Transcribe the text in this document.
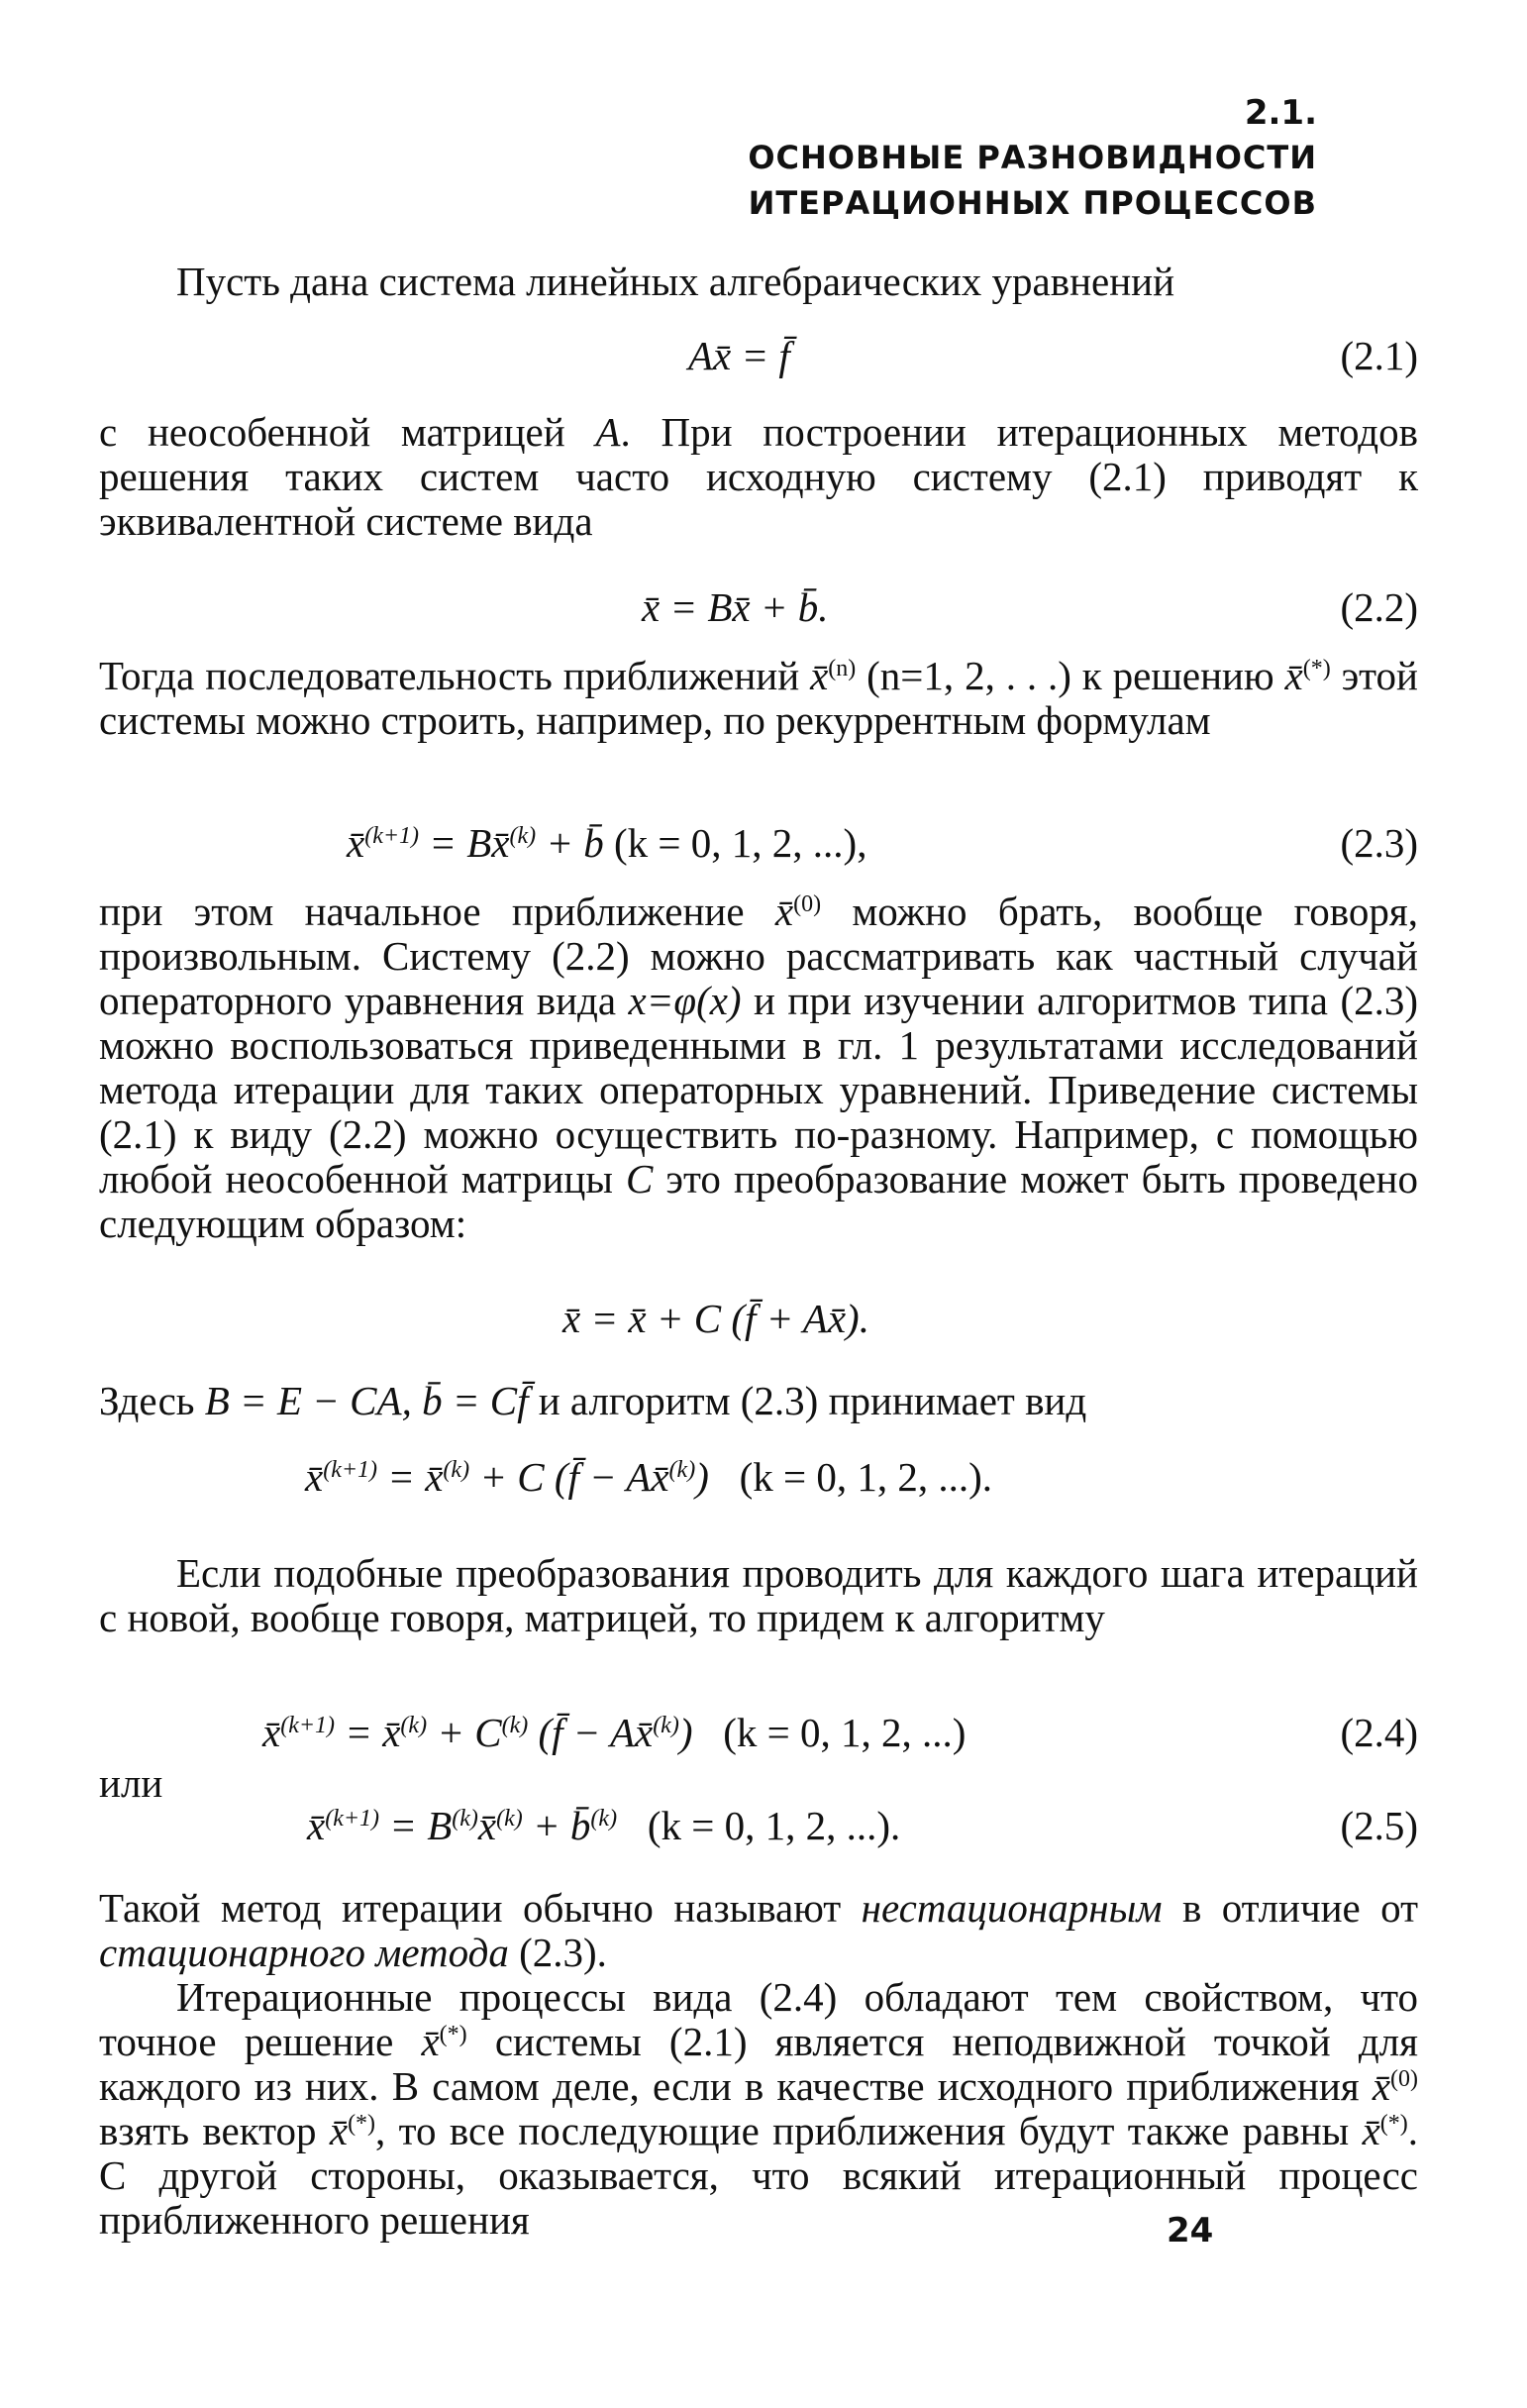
2.1.
ОСНОВНЫЕ РАЗНОВИДНОСТИ
ИТЕРАЦИОННЫХ ПРОЦЕССОВ
Пусть дана система линейных алгебраических уравнений
Ax̄ = f̄	(2.1)
с неособенной матрицей A. При построении итерационных методов решения таких систем часто исходную систему (2.1) приводят к эквивалентной системе вида
x̄ = Bx̄ + b̄.	(2.2)
Тогда последовательность приближений x̄$^{(n)}$ (n=1, 2, . . .) к решению x̄(*) этой системы можно строить, например, по рекуррентным формулам
x̄$^{(k+1)}$ = Bx̄$^{(k)}$ + b̄ (k = 0, 1, 2, ...),	(2.3)
при этом начальное приближение x̄$^{(0)}$ можно брать, вообще говоря, произвольным. Систему (2.2) можно рассматривать как частный случай операторного уравнения вида x=φ(x) и при изучении алгоритмов типа (2.3) можно воспользоваться приведенными в гл. 1 результатами исследований метода итерации для таких операторных уравнений. Приведение системы (2.1) к виду (2.2) можно осуществить по-разному. Например, с помощью любой неособенной матрицы C это преобразование может быть проведено следующим образом:
x̄ = x̄ + C (f̄ + Ax̄).
Здесь B = E − CA, b̄ = Cf̄ и алгоритм (2.3) принимает вид
x̄$^{(k+1)}$ = x̄$^{(k)}$ + C (f̄ − Ax̄$^{(k)}$) (k = 0, 1, 2, ...).
Если подобные преобразования проводить для каждого шага итераций с новой, вообще говоря, матрицей, то придем к алгоритму
x̄$^{(k+1)}$ = x̄$^{(k)}$ + $C^{(k)}$ (f̄ − Ax̄$^{(k)}$) (k = 0, 1, 2, ...)	(2.4)
или
x̄$^{(k+1)}$ = $B^{(k)}x̄^{(k)}$ + b̄$^{(k)}$ (k = 0, 1, 2, ...).	(2.5)
Такой метод итерации обычно называют нестационарным в отличие от стационарного метода (2.3).
Итерационные процессы вида (2.4) обладают тем свойством, что точное решение x̄(*) системы (2.1) является неподвижной точкой для каждого из них. В самом деле, если в качестве исходного приближения x̄$^{(0)}$ взять вектор x̄(*), то все последующие приближения будут также равны x̄(*). С другой стороны, оказывается, что всякий итерационный процесс приближенного решения	24
